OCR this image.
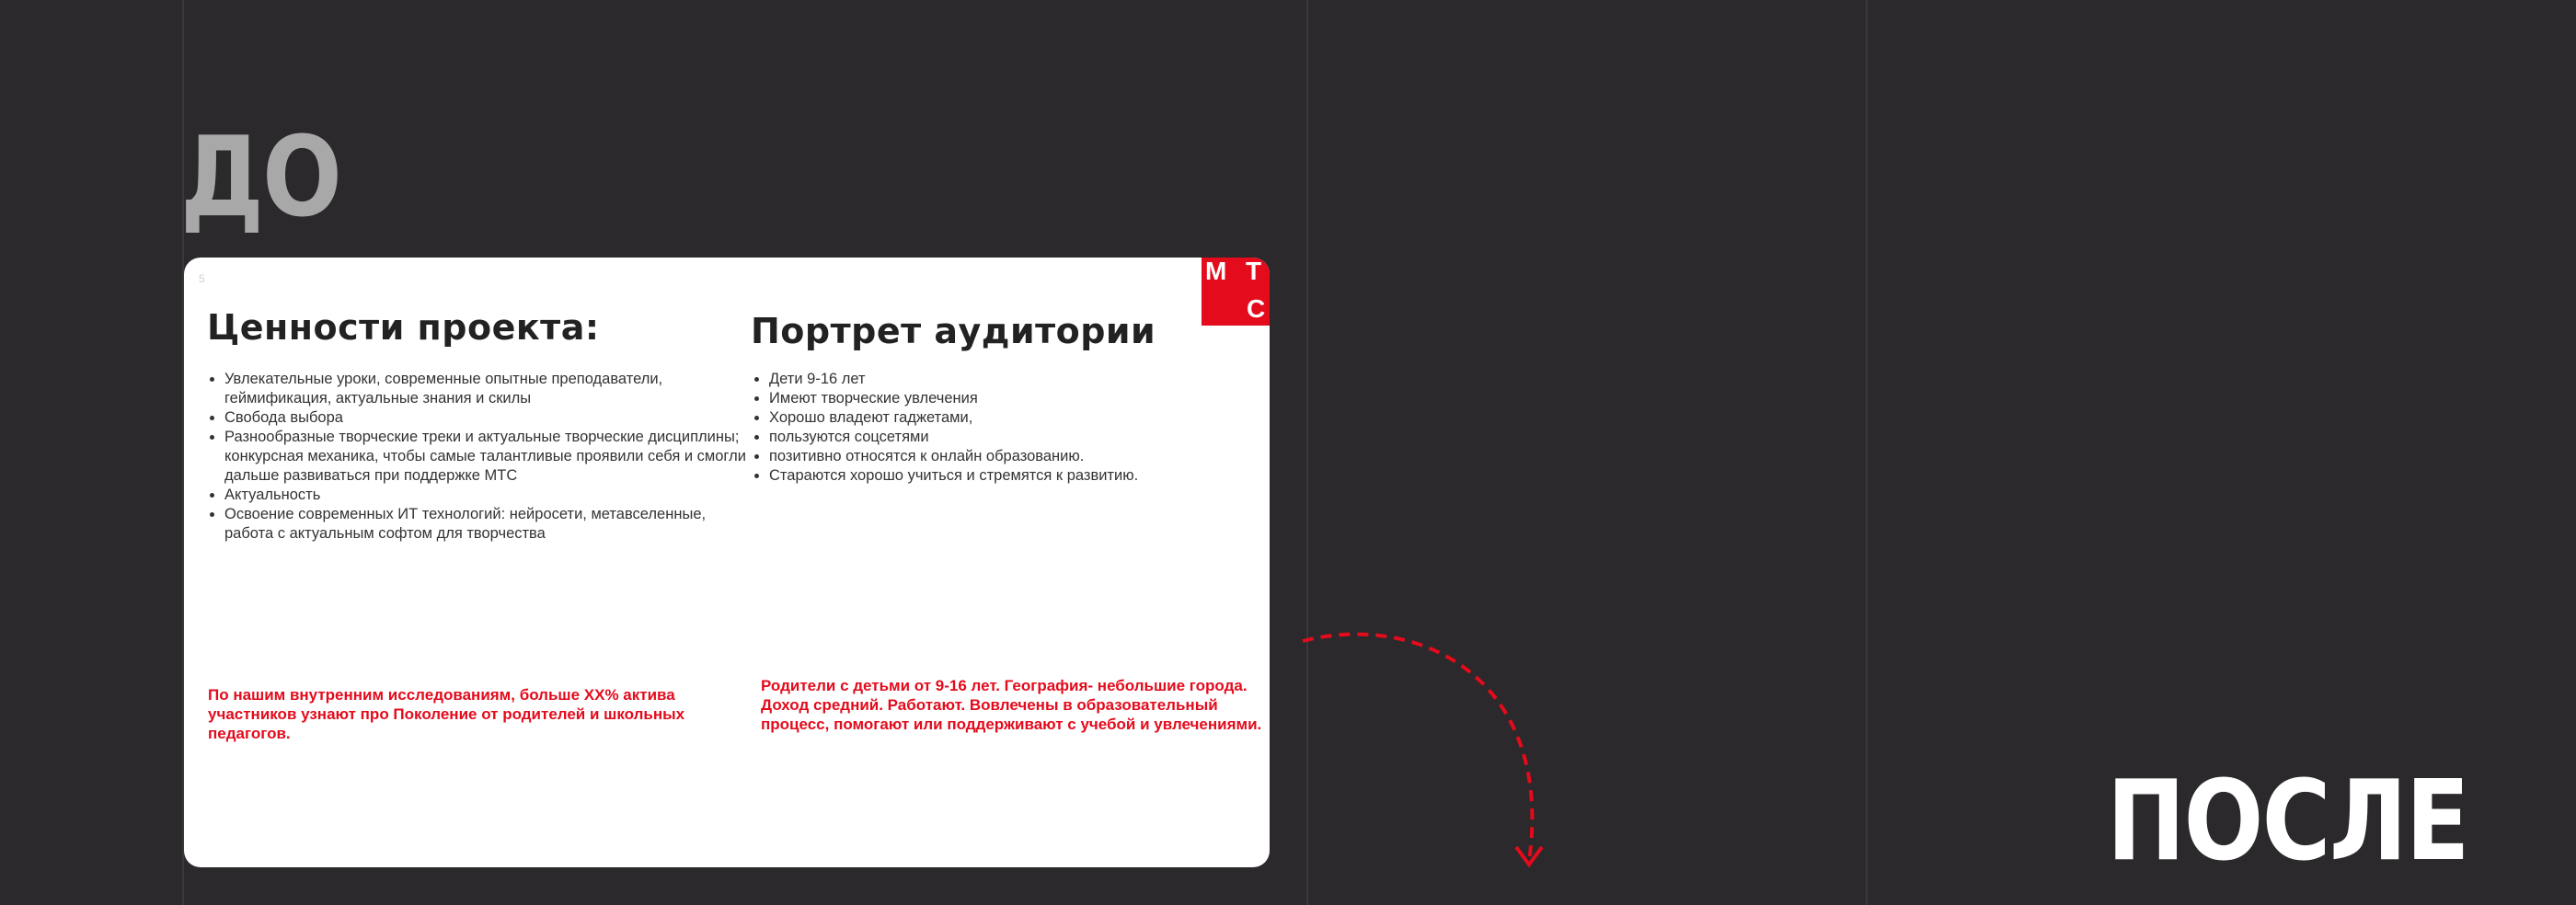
ДО
5	М Т
С
Ценности проекта:
• Увлекательные уроки, современные опытные преподаватели, геймификация, актуальные знания и скилы
• Свобода выбора
• Разнообразные творческие треки и актуальные творческие дисциплины; конкурсная механика, чтобы самые талантливые проявили себя и смогли дальше развиваться при поддержке МТС
• Актуальность
• Освоение современных ИТ технологий: нейросети, метавселенные, работа с актуальным софтом для творчества

По нашим внутренним исследованиям, больше XX% актива участников узнают про Поколение от родителей и школьных педагогов.

Портрет аудитории
• Дети 9-16 лет
• Имеют творческие увлечения
• Хорошо владеют гаджетами,
• пользуются соцсетями
• позитивно относятся к онлайн образованию.
• Стараются хорошо учиться и стремятся к развитию.

Родители с детьми от 9-16 лет. География- небольшие города. Доход средний. Работают. Вовлечены в образовательный процесс, помогают или поддерживают с учебой и увлечениями.

ПОСЛЕ
